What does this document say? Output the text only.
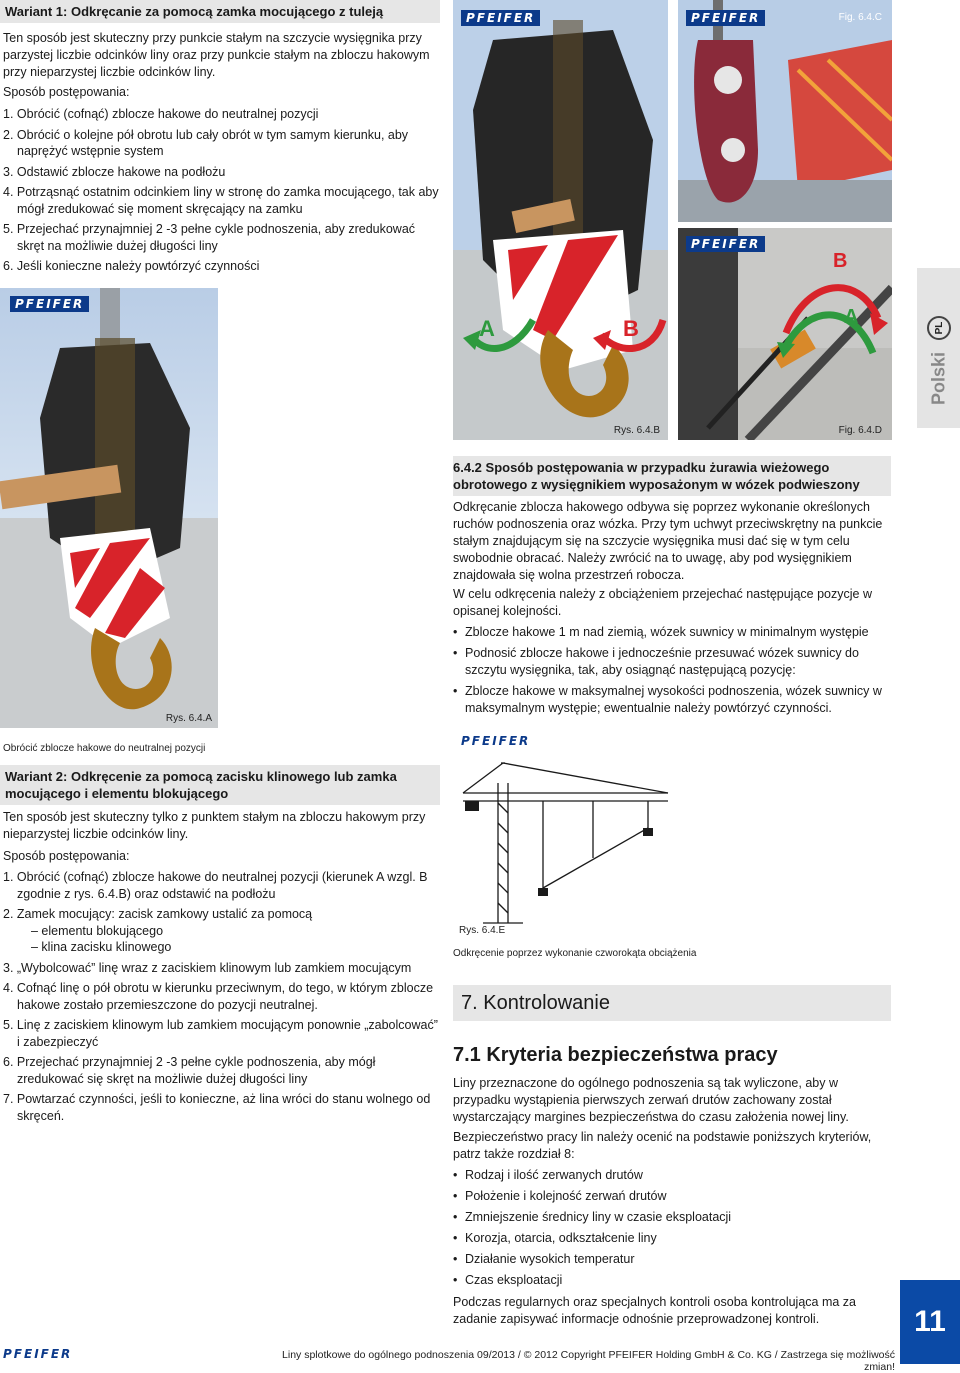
Wariant 1: Odkręcanie za pomocą zamka mocującego z tuleją

Ten sposób jest skuteczny przy punkcie stałym na szczycie wysięgnika przy parzystej liczbie odcinków liny oraz przy punkcie stałym na zbloczu hakowym przy nieparzystej liczbie odcinków liny.

Sposób postępowania:

1. Obrócić (cofnąć) zblocze hakowe do neutralnej pozycji
2. Obrócić o kolejne pół obrotu lub cały obrót w tym samym kierunku, aby naprężyć wstępnie system
3. Odstawić zblocze hakowe na podłożu
4. Potrząsnąć ostatnim odcinkiem liny w stronę do zamka mocującego, tak aby mógł zredukować się moment skręcający na zamku
5. Przejechać przynajmniej 2 -3 pełne cykle podnoszenia, aby zredukować skręt na możliwie dużej długości liny
6. Jeśli konieczne należy powtórzyć czynności
PFEIFER
Rys. 6.4.A

Obrócić zblocze hakowe do neutralnej pozycji

PFEIFER
A	B
Rys. 6.4.B
PFEIFER	Fig. 6.4.C
PFEIFER
B
A
Fig. 6.4.D
6.4.2 Sposób postępowania w przypadku żurawia wieżowego obrotowego z wysięgnikiem wyposażonym w wózek podwieszony

Odkręcanie zblocza hakowego odbywa się poprzez wykonanie określonych ruchów podnoszenia oraz wózka. Przy tym uchwyt przeciwskrętny na punkcie stałym znajdującym się na szczycie wysięgnika musi dać się w tym celu swobodnie obracać. Należy zwrócić na to uwagę, aby pod wysięgnikiem znajdowała się wolna przestrzeń robocza.

W celu odkręcenia należy z obciążeniem przejechać następujące pozycje w opisanej kolejności.

• Zblocze hakowe 1 m nad ziemią, wózek suwnicy w minimalnym występie
• Podnosić zblocze hakowe i jednocześnie przesuwać wózek suwnicy do szczytu wysięgnika, tak, aby osiągnąć następującą pozycję:
• Zblocze hakowe w maksymalnej wysokości podnoszenia, wózek suwnicy w maksymalnym występie; ewentualnie należy powtórzyć czynności.
PFEIFER
Rys. 6.4.E

Odkręcenie poprzez wykonanie czworokąta obciążenia

Wariant 2: Odkręcenie za pomocą zacisku klinowego lub zamka mocującego i elementu blokującego

Ten sposób jest skuteczny tylko z punktem stałym na zbloczu hakowym przy nieparzystej liczbie odcinków liny.

Sposób postępowania:

1. Obrócić (cofnąć) zblocze hakowe do neutralnej pozycji (kierunek A wzgl. B zgodnie z rys. 6.4.B) oraz odstawić na podłożu
2. Zamek mocujący: zacisk zamkowy ustalić za pomocą
– elementu blokującego
– klina zacisku klinowego
3. „Wybolcować” linę wraz z zaciskiem klinowym lub zamkiem mocującym
4. Cofnąć linę o pół obrotu w kierunku przeciwnym, do tego, w którym zblocze hakowe zostało przemieszczone do pozycji neutralnej.
5. Linę z zaciskiem klinowym lub zamkiem mocującym ponownie „zabolcować” i zabezpieczyć
6. Przejechać przynajmniej 2 -3 pełne cykle podnoszenia, aby mógł zredukować się skręt na możliwie dużej długości liny
7. Powtarzać czynności, jeśli to konieczne, aż lina wróci do stanu wolnego od skręceń.
7. Kontrolowanie
7.1 Kryteria bezpieczeństwa pracy

Liny przeznaczone do ogólnego podnoszenia są tak wyliczone, aby w przypadku wystąpienia pierwszych zerwań drutów zachowany został wystarczający margines bezpieczeństwa do czasu założenia nowej liny.

Bezpieczeństwo pracy lin należy ocenić na podstawie poniższych kryteriów, patrz także rozdział 8:

• Rodzaj i ilość zerwanych drutów
• Położenie i kolejność zerwań drutów
• Zmniejszenie średnicy liny w czasie eksploatacji
• Korozja, otarcia, odkształcenie liny
• Działanie wysokich temperatur
• Czas eksploatacji

Podczas regularnych oraz specjalnych kontroli osoba kontrolująca ma za zadanie zapisywać informacje odnośnie przeprowadzonej kontroli.

PL
Polski
11
PFEIFER	Liny splotkowe do ogólnego podnoszenia 09/2013 / © 2012 Copyright PFEIFER Holding GmbH & Co. KG / Zastrzega się możliwość zmian!
